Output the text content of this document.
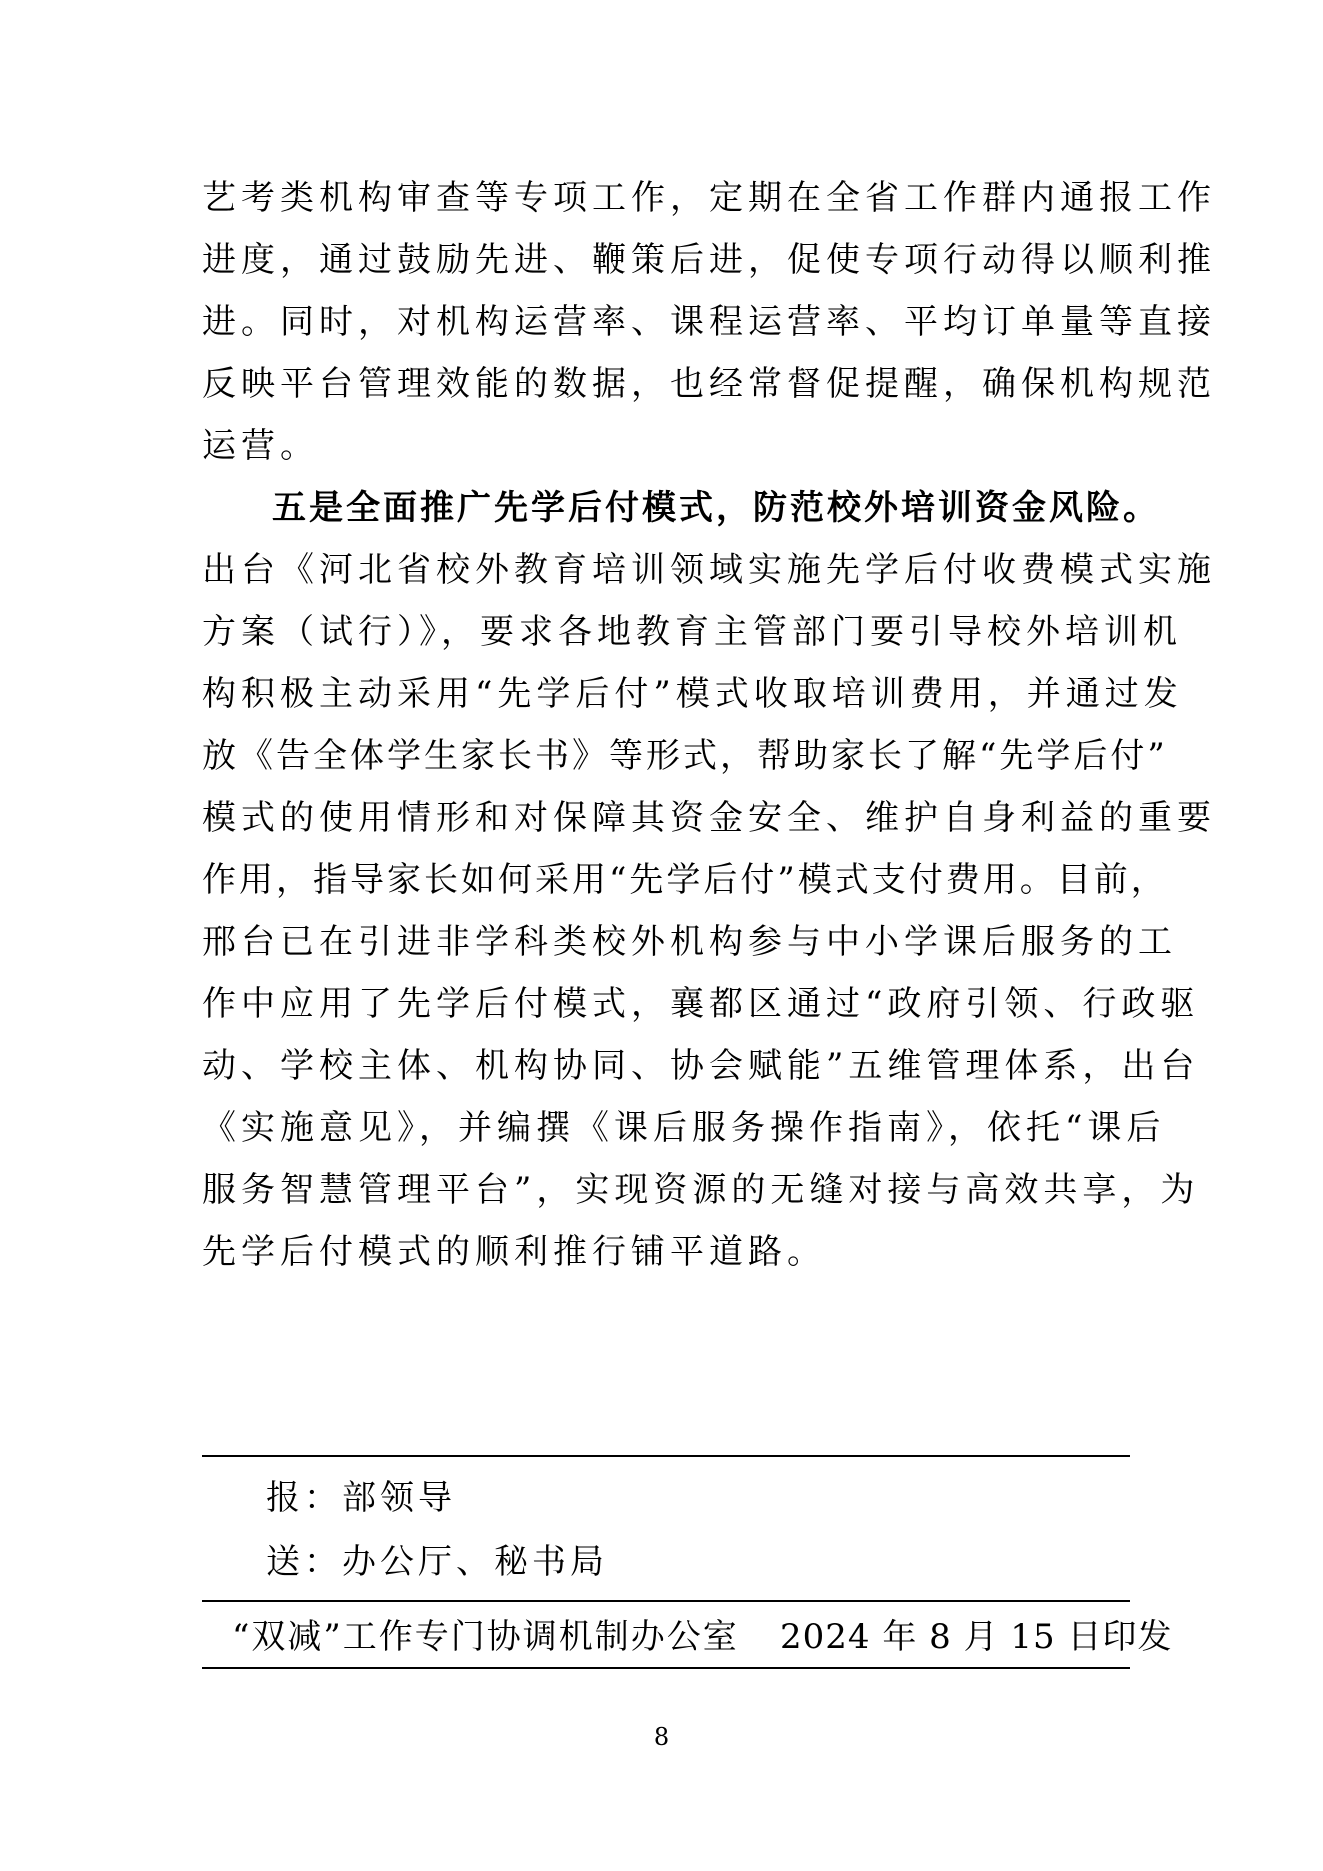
艺考类机构审查等专项工作，定期在全省工作群内通报工作
进度，通过鼓励先进、鞭策后进，促使专项行动得以顺利推
进。同时，对机构运营率、课程运营率、平均订单量等直接
反映平台管理效能的数据，也经常督促提醒，确保机构规范
运营。
五是全面推广先学后付模式，防范校外培训资金风险。
出台《河北省校外教育培训领域实施先学后付收费模式实施
方案（试行）》，要求各地教育主管部门要引导校外培训机
构积极主动采用“先学后付”模式收取培训费用，并通过发
放《告全体学生家长书》等形式，帮助家长了解“先学后付”
模式的使用情形和对保障其资金安全、维护自身利益的重要
作用，指导家长如何采用“先学后付”模式支付费用。目前，
邢台已在引进非学科类校外机构参与中小学课后服务的工
作中应用了先学后付模式，襄都区通过“政府引领、行政驱
动、学校主体、机构协同、协会赋能”五维管理体系，出台
《实施意见》，并编撰《课后服务操作指南》，依托“课后
服务智慧管理平台”，实现资源的无缝对接与高效共享，为
先学后付模式的顺利推行铺平道路。
报：部领导
送：办公厅、秘书局
“双减”工作专门协调机制办公室 2024 年 8 月 15 日印发
8
